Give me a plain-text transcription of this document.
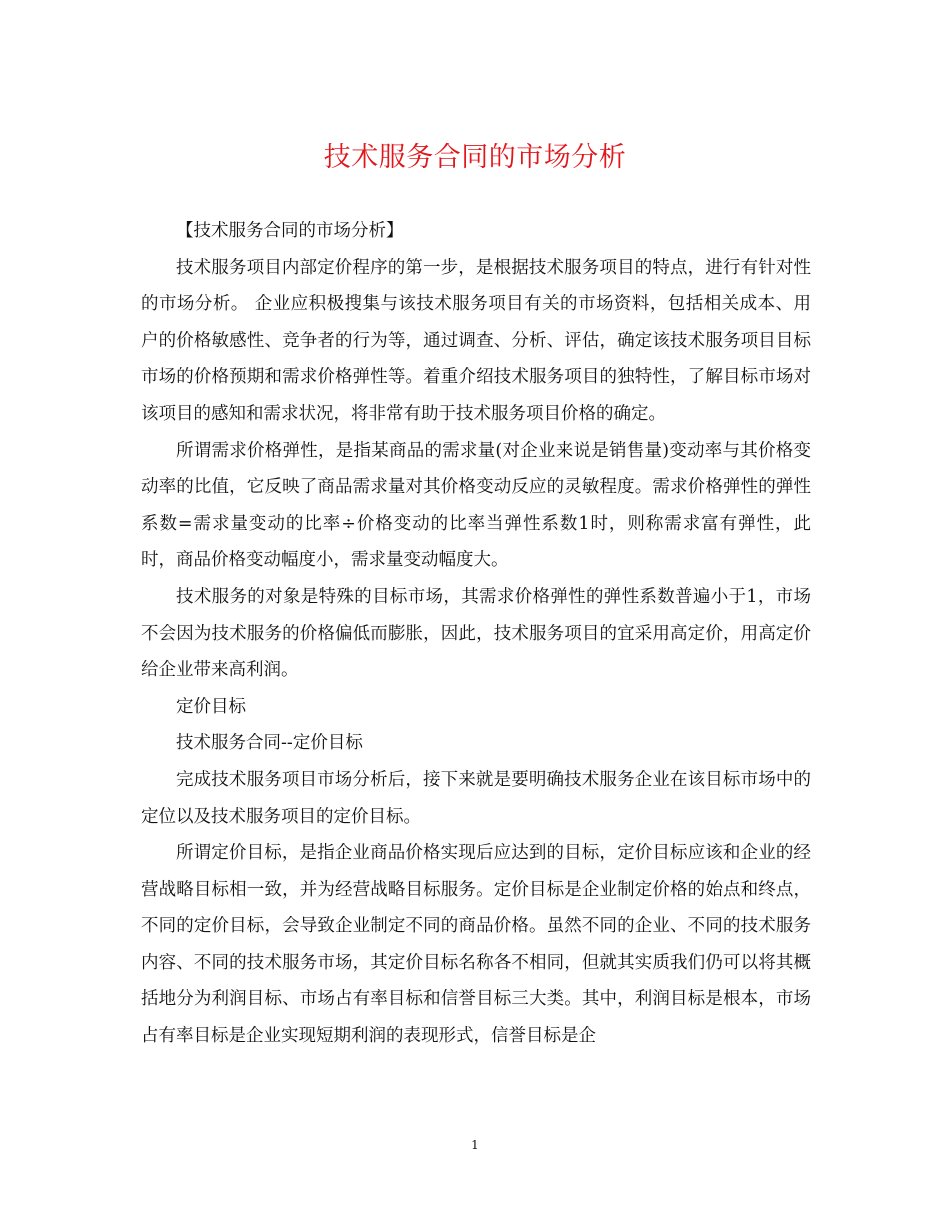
技术服务合同的市场分析

【技术服务合同的市场分析】

技术服务项目内部定价程序的第一步，是根据技术服务项目的特点，进行有针对性的市场分析。 企业应积极搜集与该技术服务项目有关的市场资料，包括相关成本、用户的价格敏感性、竞争者的行为等，通过调查、分析、评估，确定该技术服务项目目标市场的价格预期和需求价格弹性等。着重介绍技术服务项目的独特性，了解目标市场对该项目的感知和需求状况，将非常有助于技术服务项目价格的确定。

所谓需求价格弹性，是指某商品的需求量(对企业来说是销售量)变动率与其价格变动率的比值，它反映了商品需求量对其价格变动反应的灵敏程度。需求价格弹性的弹性系数=需求量变动的比率÷价格变动的比率当弹性系数1时，则称需求富有弹性，此时，商品价格变动幅度小，需求量变动幅度大。

技术服务的对象是特殊的目标市场，其需求价格弹性的弹性系数普遍小于1，市场不会因为技术服务的价格偏低而膨胀，因此，技术服务项目的宜采用高定价，用高定价给企业带来高利润。

定价目标

技术服务合同--定价目标

完成技术服务项目市场分析后，接下来就是要明确技术服务企业在该目标市场中的定位以及技术服务项目的定价目标。

所谓定价目标，是指企业商品价格实现后应达到的目标，定价目标应该和企业的经营战略目标相一致，并为经营战略目标服务。定价目标是企业制定价格的始点和终点，不同的定价目标，会导致企业制定不同的商品价格。虽然不同的企业、不同的技术服务内容、不同的技术服务市场，其定价目标名称各不相同，但就其实质我们仍可以将其概括地分为利润目标、市场占有率目标和信誉目标三大类。其中，利润目标是根本，市场占有率目标是企业实现短期利润的表现形式，信誉目标是企

1
